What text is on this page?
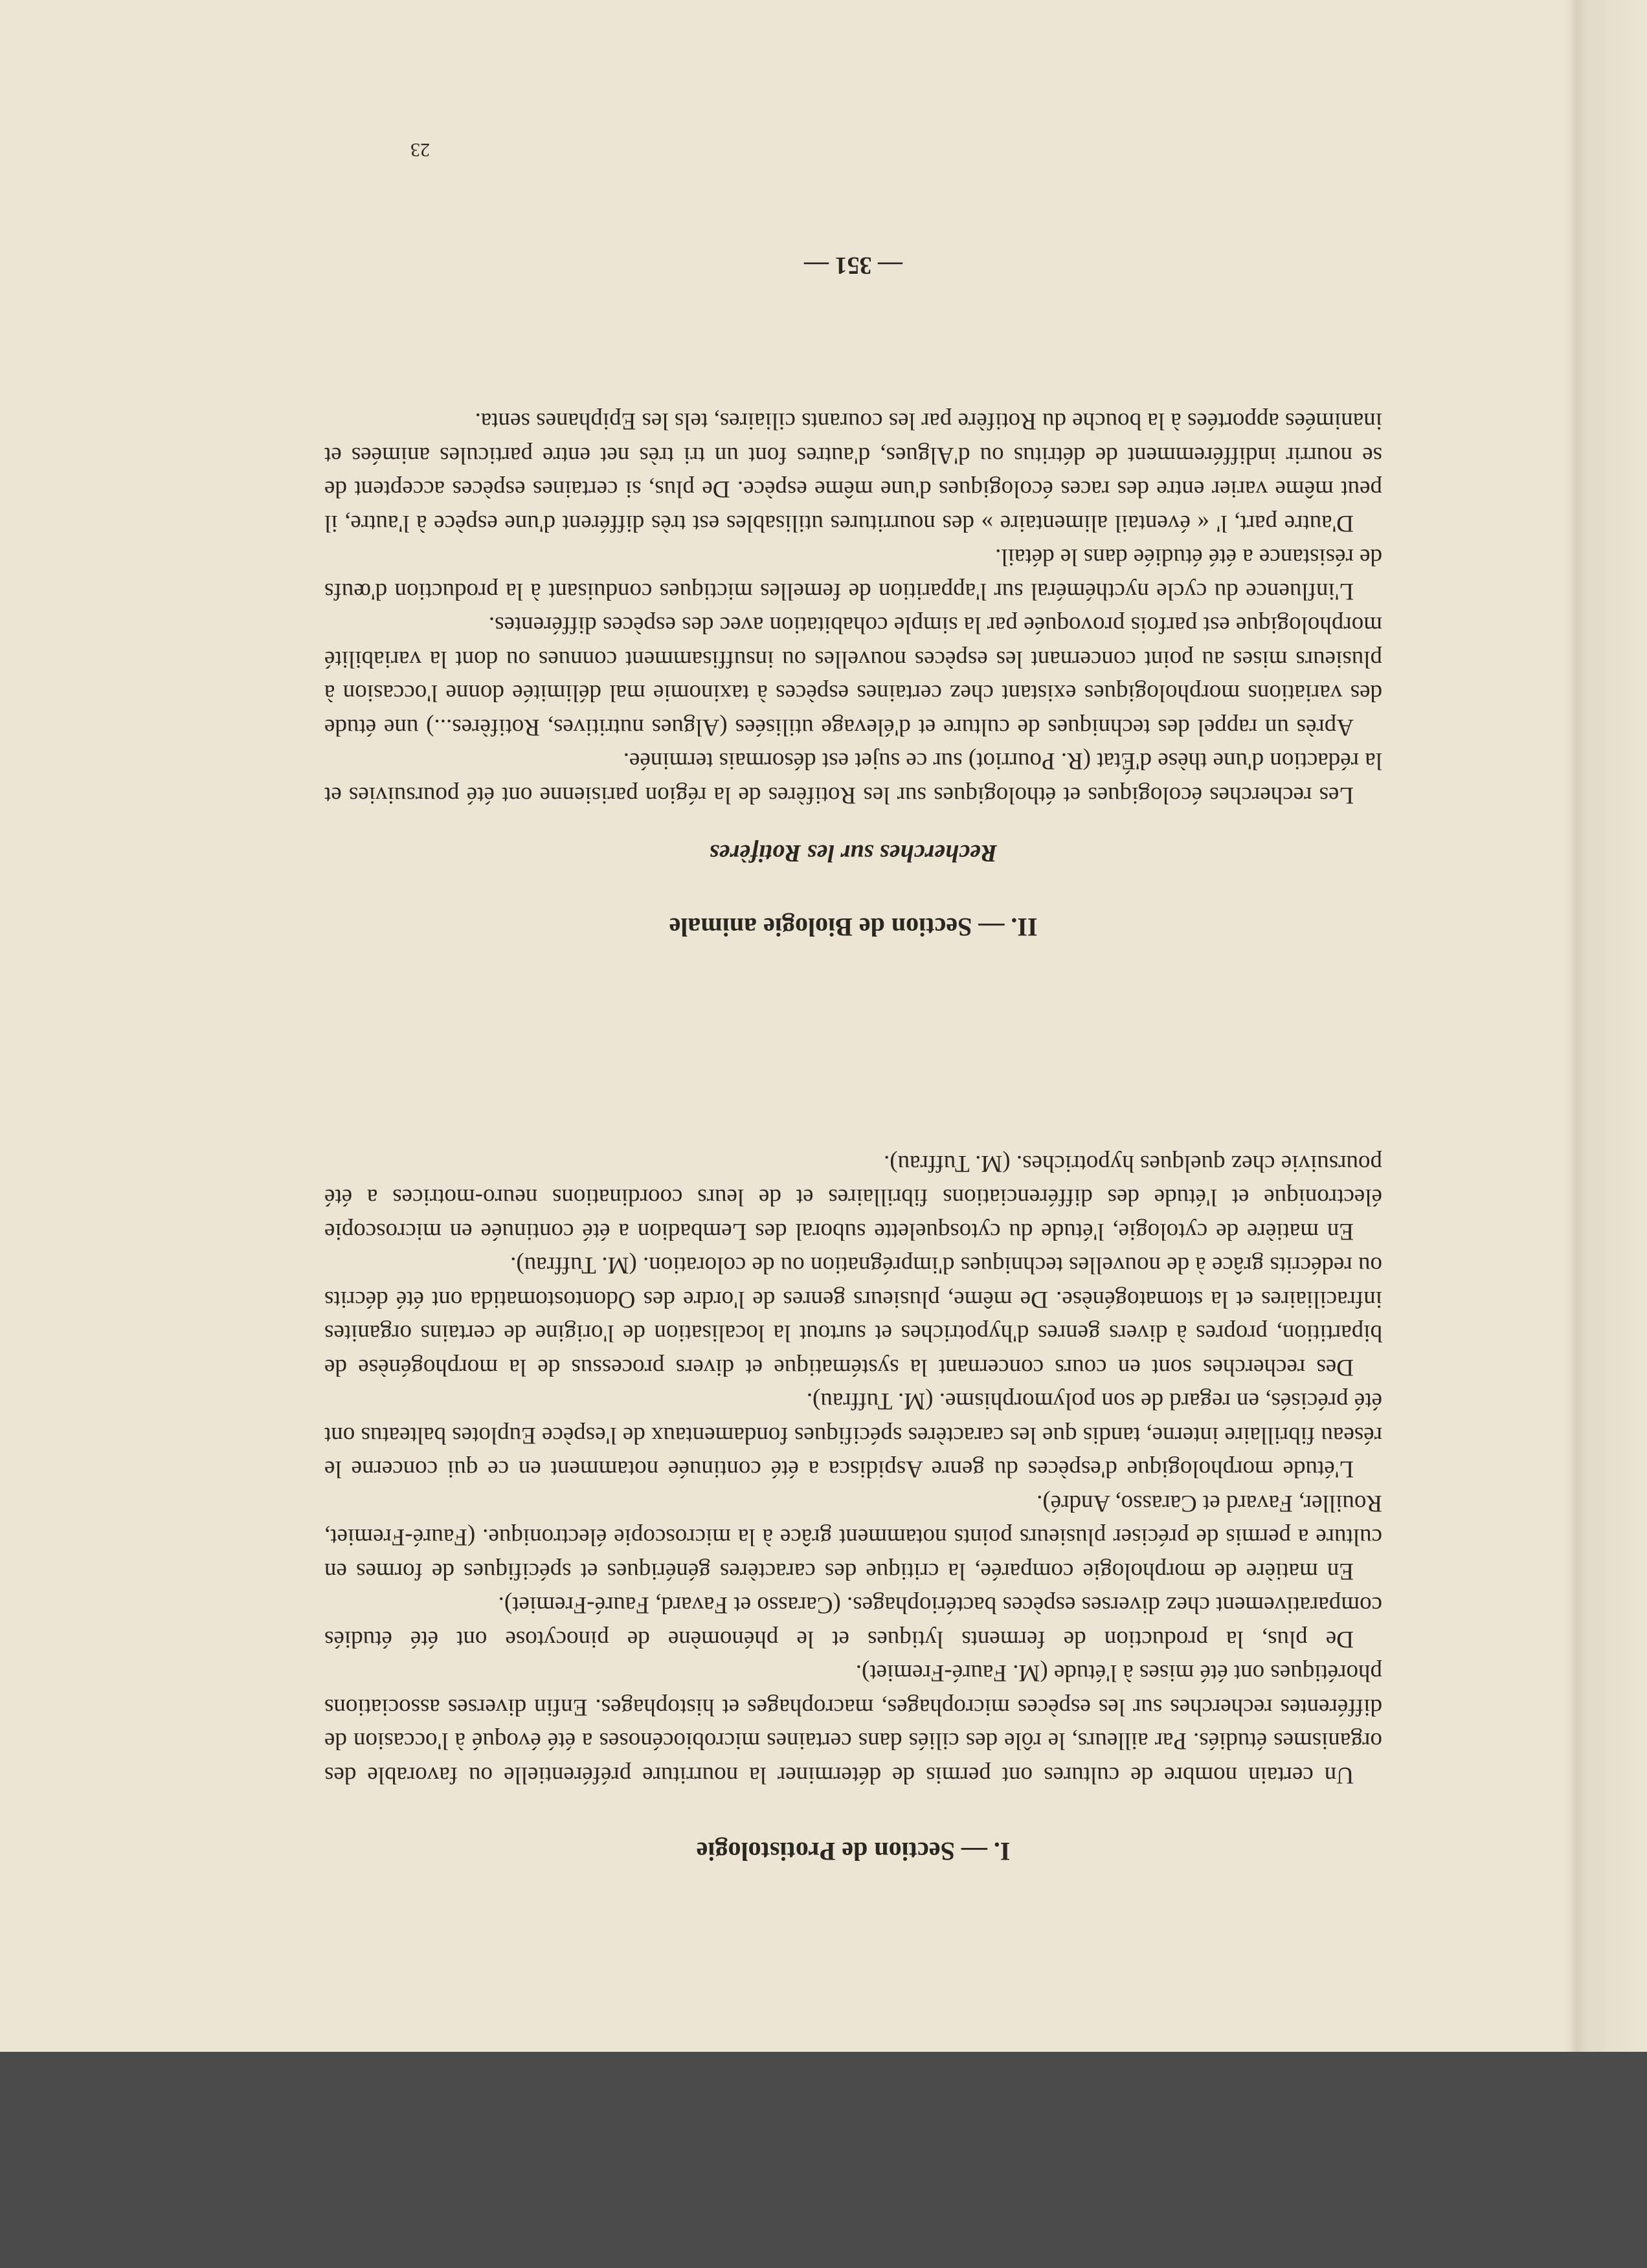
I. — Section de Protistologie

Un certain nombre de cultures ont permis de déterminer la nourriture préférentielle ou favorable des organismes étudiés. Par ailleurs, le rôle des ciliés dans certaines microbiocénoses a été évoqué à l'occasion de différentes recherches sur les espèces microphages, macrophages et histophages. Enfin diverses associations phorétiques ont été mises à l'étude (M. Fauré-Fremiet).

De plus, la production de ferments lytiques et le phénomène de pinocytose ont été étudiés comparativement chez diverses espèces bactériophages. (Carasso et Favard, Fauré-Fremiet).

En matière de morphologie comparée, la critique des caractères génériques et spécifiques de formes en culture a permis de préciser plusieurs points notamment grâce à la microscopie électronique. (Fauré-Fremiet, Rouiller, Favard et Carasso, André).

L'étude morphologique d'espèces du genre Aspidisca a été continuée notamment en ce qui concerne le réseau fibrillaire interne, tandis que les caractères spécifiques fondamentaux de l'espèce Euplotes balteatus ont été précisés, en regard de son polymorphisme. (M. Tuffrau).

Des recherches sont en cours concernant la systématique et divers processus de la morphogénèse de bipartition, propres à divers genres d'hypotriches et surtout la localisation de l'origine de certains organites infraciliaires et la stomatogénèse. De même, plusieurs genres de l'ordre des Odontostomatida ont été décrits ou redécrits grâce à de nouvelles techniques d'imprégnation ou de coloration. (M. Tuffrau).

En matière de cytologie, l'étude du cytosquelette suboral des Lembadion a été continuée en microscopie électronique et l'étude des différenciations fibrillaires et de leurs coordinations neuro-motrices a été poursuivie chez quelques hypotriches. (M. Tuffrau).

II. — Section de Biologie animale
Recherches sur les Rotifères

Les recherches écologiques et éthologiques sur les Rotifères de la région parisienne ont été poursuivies et la rédaction d'une thèse d'État (R. Pourriot) sur ce sujet est désormais terminée.

Après un rappel des techniques de culture et d'élevage utilisées (Algues nutritives, Rotifères...) une étude des variations morphologiques existant chez certaines espèces à taxinomie mal délimitée donne l'occasion à plusieurs mises au point concernant les espèces nouvelles ou insuffisamment connues ou dont la variabilité morphologique est parfois provoquée par la simple cohabitation avec des espèces différentes.

L'influence du cycle nycthéméral sur l'apparition de femelles mictiques conduisant à la production d'œufs de résistance a été étudiée dans le détail.

D'autre part, l' « éventail alimentaire » des nourritures utilisables est très différent d'une espèce à l'autre, il peut même varier entre des races écologiques d'une même espèce. De plus, si certaines espèces acceptent de se nourrir indifféremment de détritus ou d'Algues, d'autres font un tri très net entre particules animées et inanimées apportées à la bouche du Rotifère par les courants ciliaires, tels les Epiphanes senta.

— 351 —
23
